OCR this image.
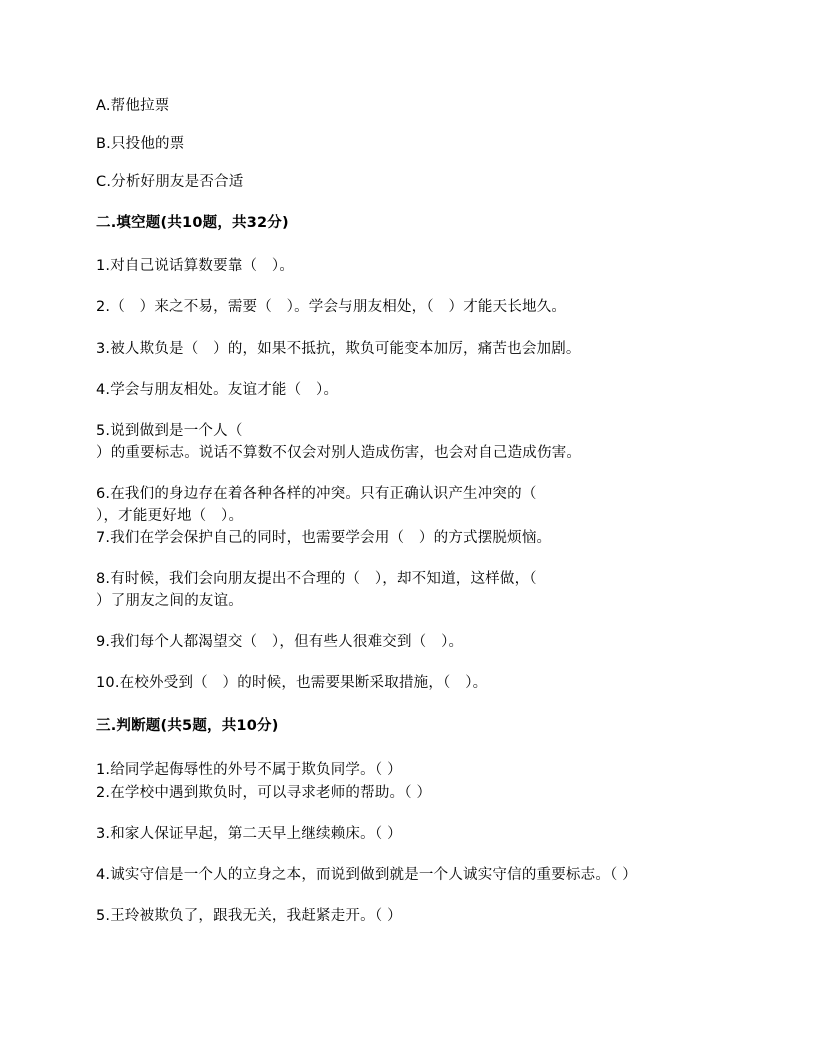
A.帮他拉票
B.只投他的票
C.分析好朋友是否合适
二.填空题(共10题，共32分)
1.对自己说话算数要靠（　）。
2.（　）来之不易，需要（　）。学会与朋友相处，（　）才能天长地久。
3.被人欺负是（　）的，如果不抵抗，欺负可能变本加厉，痛苦也会加剧。
4.学会与朋友相处。友谊才能（　）。
5.说到做到是一个人（
）的重要标志。说话不算数不仅会对别人造成伤害，也会对自己造成伤害。
6.在我们的身边存在着各种各样的冲突。只有正确认识产生冲突的（
），才能更好地（　）。
7.我们在学会保护自己的同时，也需要学会用（　）的方式摆脱烦恼。
8.有时候，我们会向朋友提出不合理的（　），却不知道，这样做，（
）了朋友之间的友谊。
9.我们每个人都渴望交（　），但有些人很难交到（　）。
10.在校外受到（　）的时候，也需要果断采取措施，（　）。
三.判断题(共5题，共10分)
1.给同学起侮辱性的外号不属于欺负同学。（ ）
2.在学校中遇到欺负时，可以寻求老师的帮助。（ ）
3.和家人保证早起，第二天早上继续赖床。（ ）
4.诚实守信是一个人的立身之本，而说到做到就是一个人诚实守信的重要标志。（ ）
5.王玲被欺负了，跟我无关，我赶紧走开。（ ）
